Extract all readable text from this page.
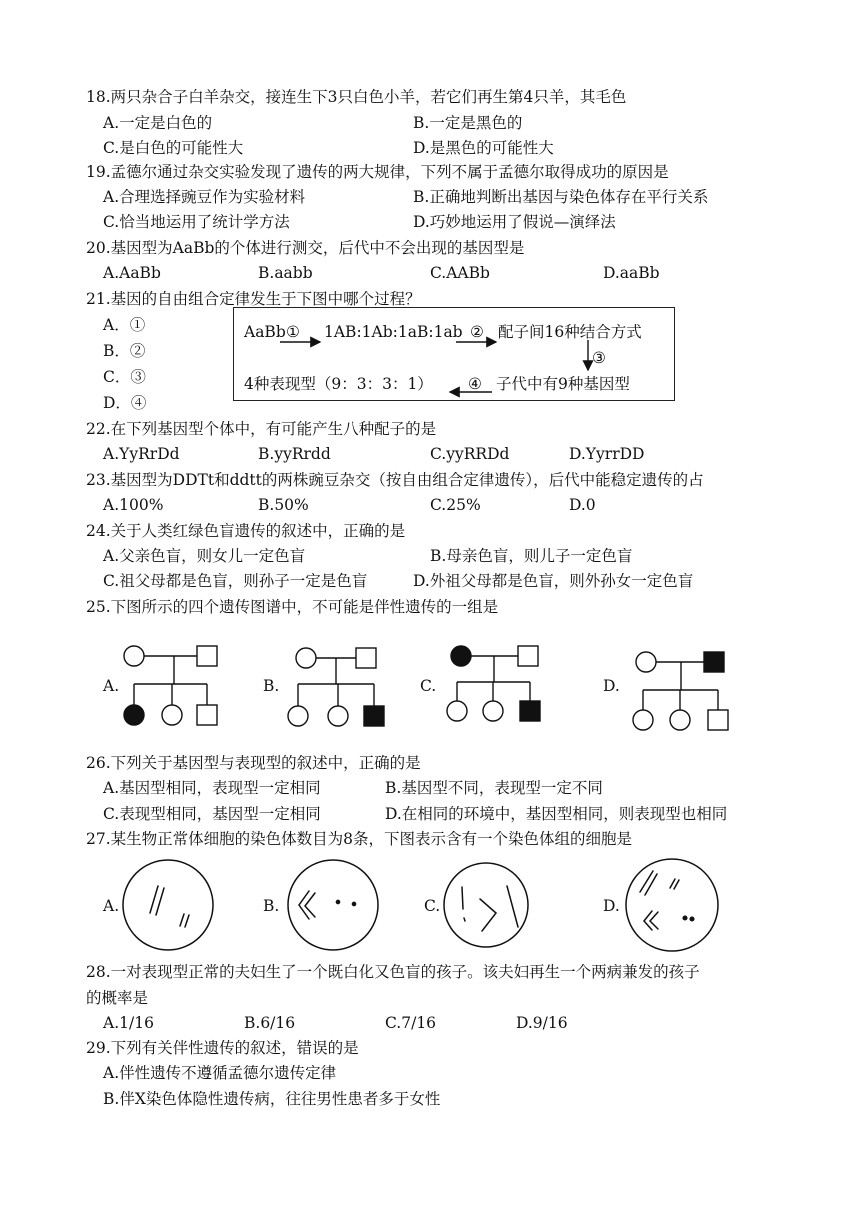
18.两只杂合子白羊杂交，接连生下3只白色小羊，若它们再生第4只羊，其毛色
A.一定是白色的	B.一定是黑色的
C.是白色的可能性大	D.是黑色的可能性大
19.孟德尔通过杂交实验发现了遗传的两大规律，下列不属于孟德尔取得成功的原因是
A.合理选择豌豆作为实验材料	B.正确地判断出基因与染色体存在平行关系
C.恰当地运用了统计学方法	D.巧妙地运用了假说—演绎法
20.基因型为AaBb的个体进行测交，后代中不会出现的基因型是
A.AaBb	B.aabb	C.AABb	D.aaBb
21.基因的自由组合定律发生于下图中哪个过程？
A．①
B．②
C．③
D．④
AaBb ① 1AB:1Ab:1aB:1ab ② 配子间16种结合方式
③
4种表现型（9：3：3：1） ④ 子代中有9种基因型
22.在下列基因型个体中，有可能产生八种配子的是
A.YyRrDd	B.yyRrdd	C.yyRRDd	D.YyrrDD
23.基因型为DDTt和ddtt的两株豌豆杂交（按自由组合定律遗传），后代中能稳定遗传的占
A.100%	B.50%	C.25%	D.0
24.关于人类红绿色盲遗传的叙述中，正确的是
A.父亲色盲，则女儿一定色盲	B.母亲色盲，则儿子一定色盲
C.祖父母都是色盲，则孙子一定是色盲	D.外祖父母都是色盲，则外孙女一定色盲
25.下图所示的四个遗传图谱中，不可能是伴性遗传的一组是
A.	B.	C.	D.
26.下列关于基因型与表现型的叙述中，正确的是
A.基因型相同，表现型一定相同	B.基因型不同，表现型一定不同
C.表现型相同，基因型一定相同	D.在相同的环境中，基因型相同，则表现型也相同
27.某生物正常体细胞的染色体数目为8条，下图表示含有一个染色体组的细胞是
A.	B.	C.	D.
28.一对表现型正常的夫妇生了一个既白化又色盲的孩子。该夫妇再生一个两病兼发的孩子
的概率是
A.1/16	B.6/16	C.7/16	D.9/16
29.下列有关伴性遗传的叙述，错误的是
A.伴性遗传不遵循孟德尔遗传定律
B.伴X染色体隐性遗传病，往往男性患者多于女性
